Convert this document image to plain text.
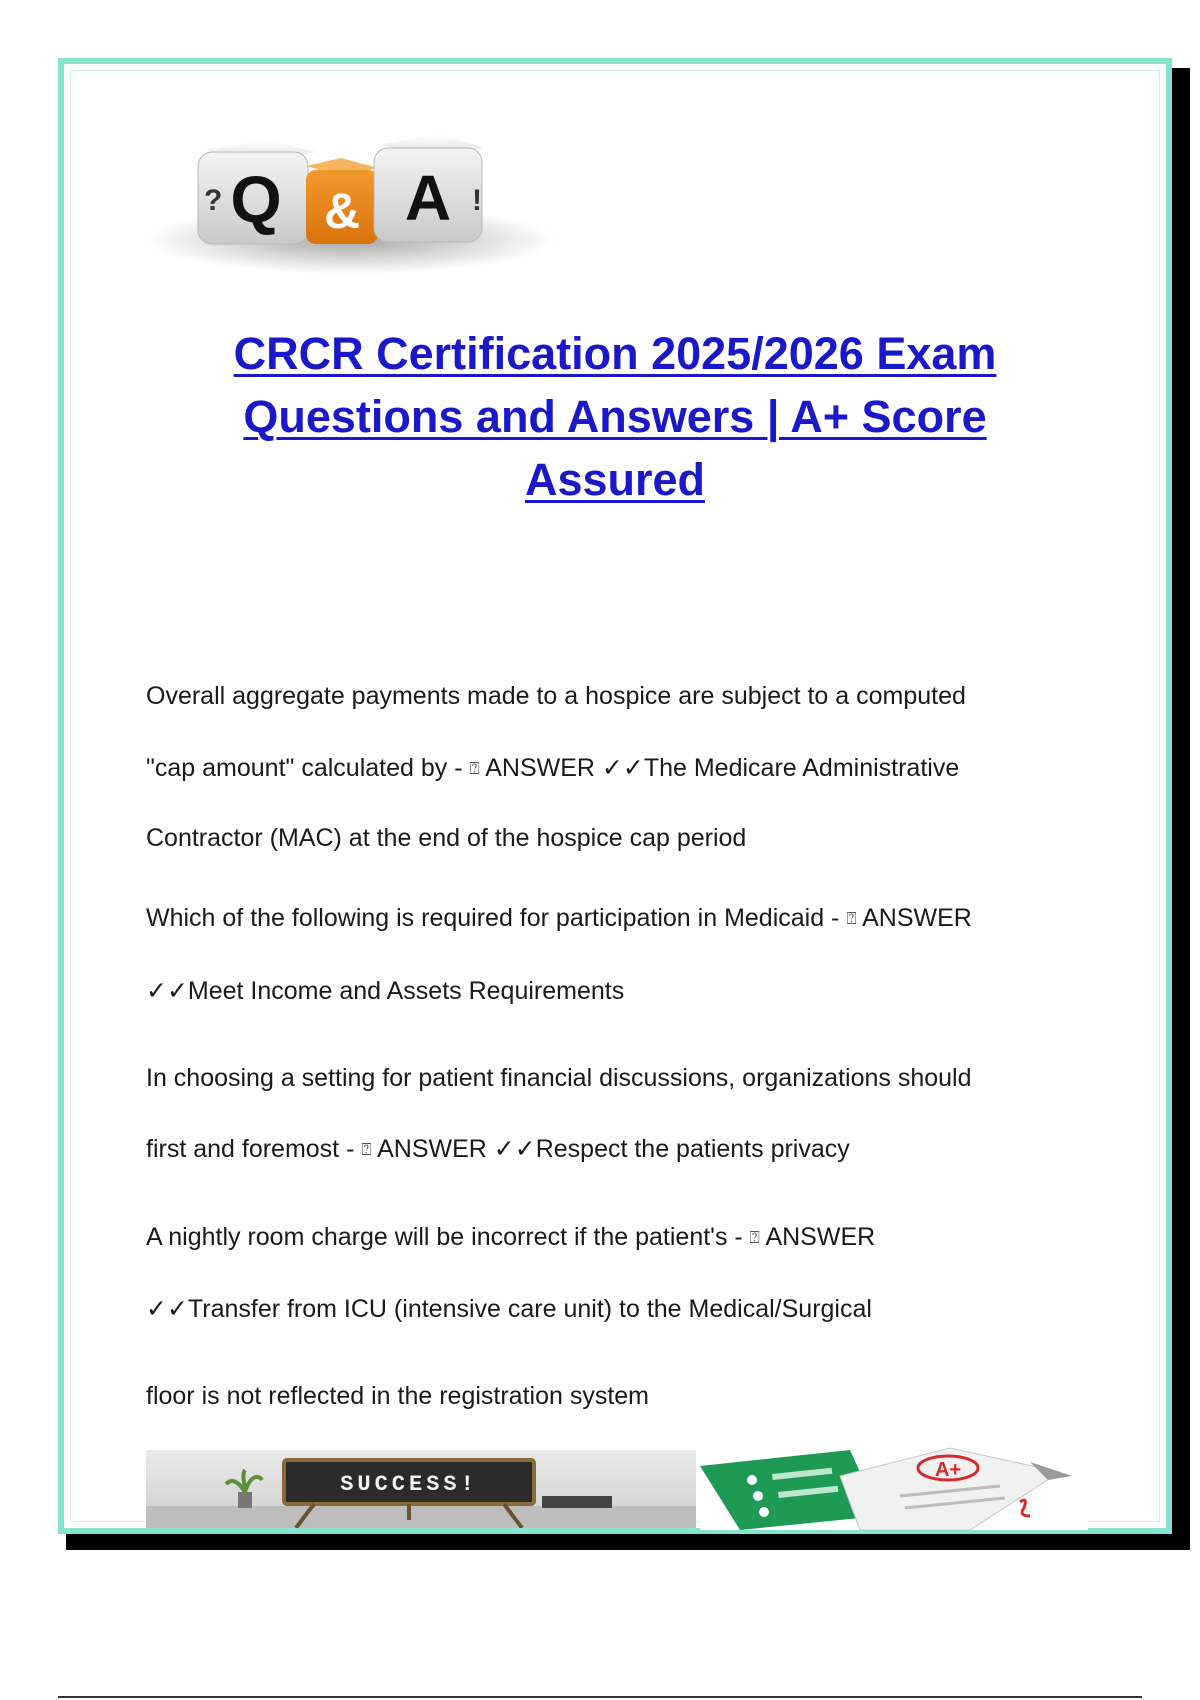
Q
? & A !
CRCR Certification 2025/2026 Exam
Questions and Answers | A+ Score
Assured
Overall aggregate payments made to a hospice are subject to a computed
"cap amount" calculated by - ⍰ ANSWER ✓✓The Medicare Administrative
Contractor (MAC) at the end of the hospice cap period
Which of the following is required for participation in Medicaid - ⍰ ANSWER
✓✓Meet Income and Assets Requirements
In choosing a setting for patient financial discussions, organizations should
first and foremost - ⍰ ANSWER ✓✓Respect the patients privacy
A nightly room charge will be incorrect if the patient's - ⍰ ANSWER
✓✓Transfer from ICU (intensive care unit) to the Medical/Surgical
floor is not reflected in the registration system
SUCCESS!
A+
